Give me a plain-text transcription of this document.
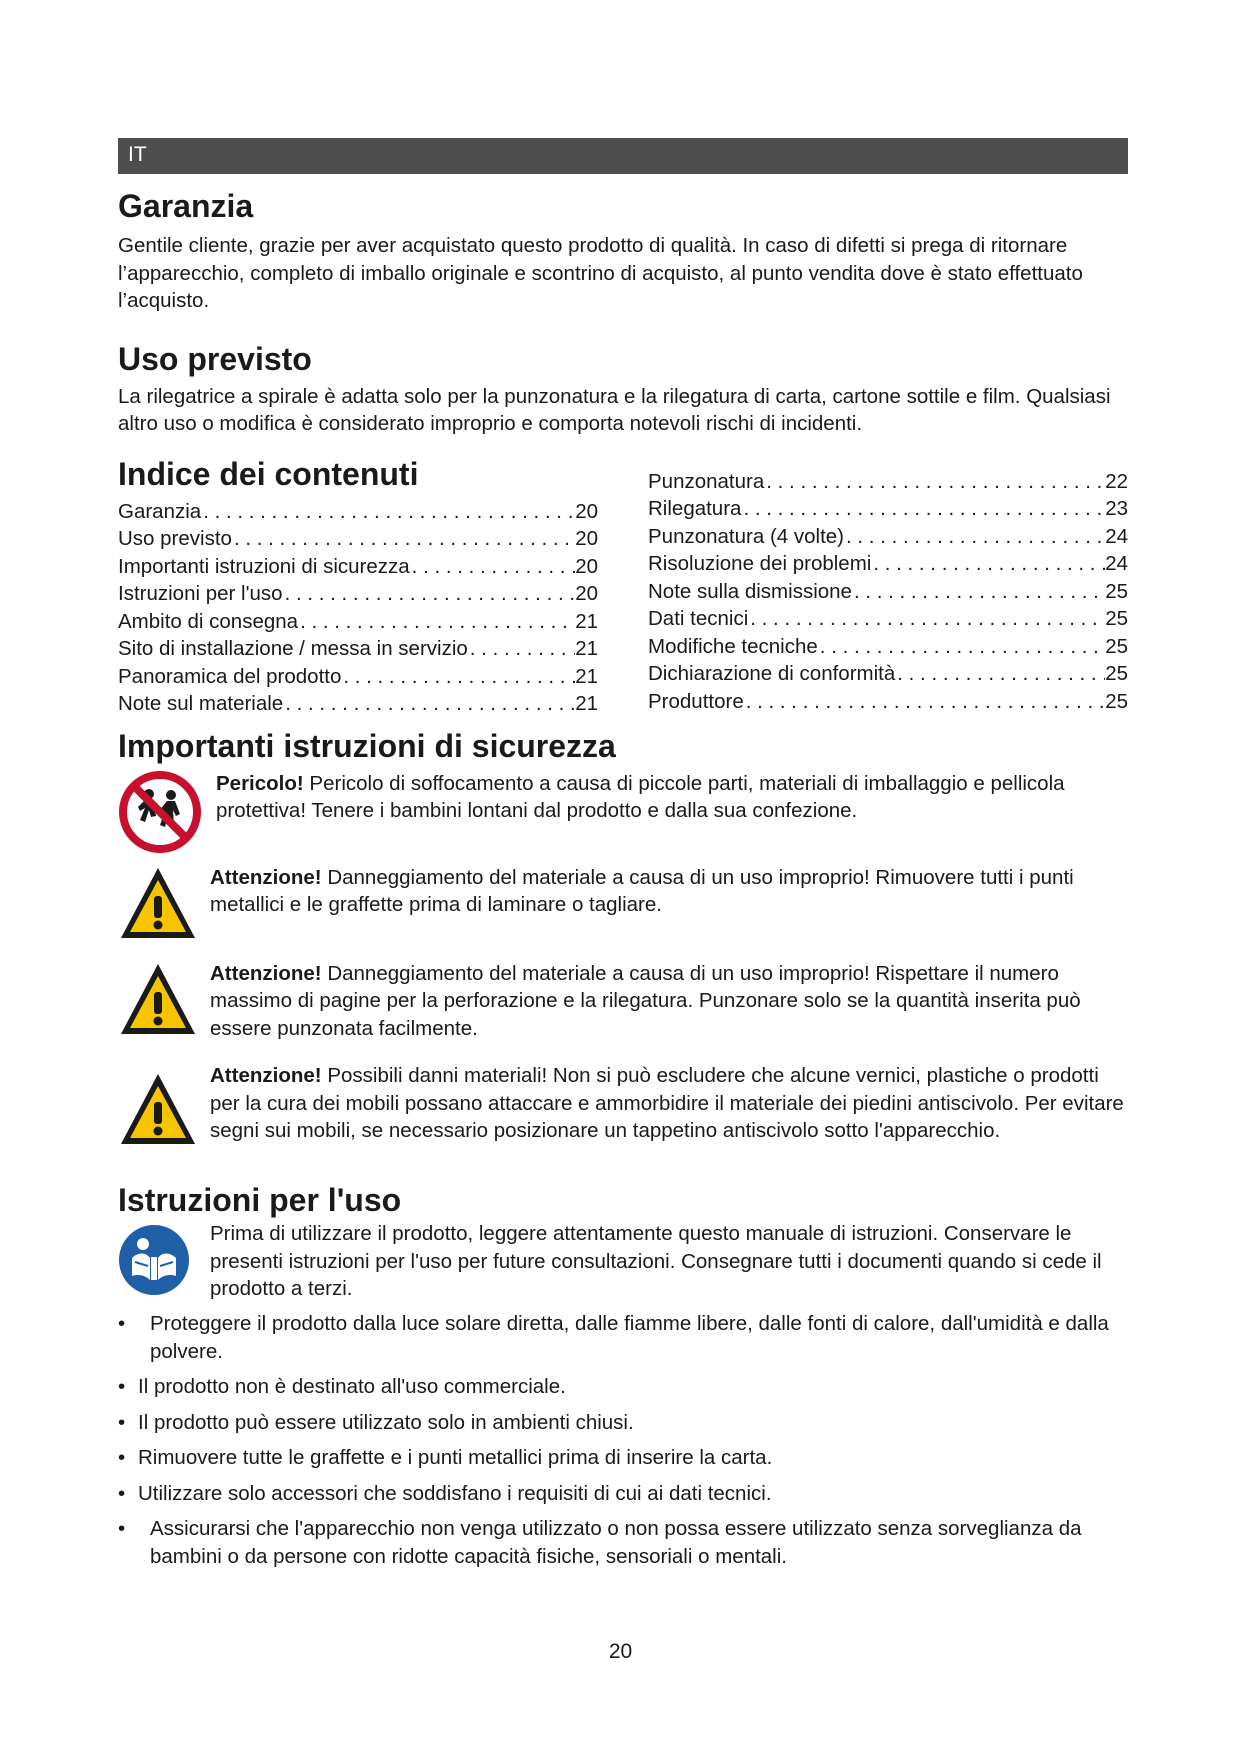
IT
Garanzia

Gentile cliente, grazie per aver acquistato questo prodotto di qualità. In caso di difetti si prega di ritornare l’apparecchio, completo di imballo originale e scontrino di acquisto, al punto vendita dove è stato effettuato l’acquisto.

Uso previsto

La rilegatrice a spirale è adatta solo per la punzonatura e la rilegatura di carta, cartone sottile e film. Qualsiasi altro uso o modifica è considerato improprio e comporta notevoli rischi di incidenti.

Indice dei contenuti
Garanzia . . .	20
Uso previsto . . .	20
Importanti istruzioni di sicurezza . . .	20
Istruzioni per l'uso . . .	20
Ambito di consegna . . .	21
Sito di installazione / messa in servizio . . .	21
Panoramica del prodotto . . .	21
Note sul materiale . . .	21
Punzonatura . . .	22
Rilegatura . . .	23
Punzonatura (4 volte) . . .	24
Risoluzione dei problemi . . .	24
Note sulla dismissione . . .	25
Dati tecnici . . .	25
Modifiche tecniche . . .	25
Dichiarazione di conformità . . .	25
Produttore . . .	25
Importanti istruzioni di sicurezza

Pericolo! Pericolo di soffocamento a causa di piccole parti, materiali di imballaggio e pellicola protettiva! Tenere i bambini lontani dal prodotto e dalla sua confezione.

Attenzione! Danneggiamento del materiale a causa di un uso improprio! Rimuovere tutti i punti metallici e le graffette prima di laminare o tagliare.

Attenzione! Danneggiamento del materiale a causa di un uso improprio! Rispettare il numero massimo di pagine per la perforazione e la rilegatura. Punzonare solo se la quantità inserita può essere punzonata facilmente.

Attenzione! Possibili danni materiali! Non si può escludere che alcune vernici, plastiche o prodotti per la cura dei mobili possano attaccare e ammorbidire il materiale dei piedini antiscivolo. Per evitare segni sui mobili, se necessario posizionare un tappetino antiscivolo sotto l'apparecchio.

Istruzioni per l'uso

Prima di utilizzare il prodotto, leggere attentamente questo manuale di istruzioni. Conservare le presenti istruzioni per l'uso per future consultazioni. Consegnare tutti i documenti quando si cede il prodotto a terzi.

• Proteggere il prodotto dalla luce solare diretta, dalle fiamme libere, dalle fonti di calore, dall'umidità e dalla polvere.
• Il prodotto non è destinato all'uso commerciale.
• Il prodotto può essere utilizzato solo in ambienti chiusi.
• Rimuovere tutte le graffette e i punti metallici prima di inserire la carta.
• Utilizzare solo accessori che soddisfano i requisiti di cui ai dati tecnici.
• Assicurarsi che l'apparecchio non venga utilizzato o non possa essere utilizzato senza sorveglianza da bambini o da persone con ridotte capacità fisiche, sensoriali o mentali.
20
